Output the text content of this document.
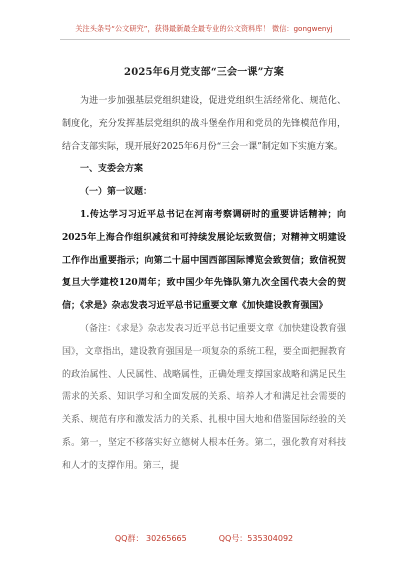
关注头条号“公文研究”，获得最新最全最专业的公文资料库！ 微信：gongwenyj
2025年6月党支部“三会一课”方案

为进一步加强基层党组织建设，促进党组织生活经常化、规范化、制度化，充分发挥基层党组织的战斗堡垒作用和党员的先锋模范作用，结合支部实际，现开展好2025年6月份“三会一课”制定如下实施方案。

一、支委会方案

（一）第一议题：

1.传达学习习近平总书记在河南考察调研时的重要讲话精神；向2025年上海合作组织减贫和可持续发展论坛致贺信；对精神文明建设工作作出重要指示；向第二十届中国西部国际博览会致贺信；致信祝贺复旦大学建校120周年；致中国少年先锋队第九次全国代表大会的贺信；《求是》杂志发表习近平总书记重要文章《加快建设教育强国》

（备注：《求是》杂志发表习近平总书记重要文章《加快建设教育强国》，文章指出，建设教育强国是一项复杂的系统工程，要全面把握教育的政治属性、人民属性、战略属性，正确处理支撑国家战略和满足民生需求的关系、知识学习和全面发展的关系、培养人才和满足社会需要的关系、规范有序和激发活力的关系、扎根中国大地和借鉴国际经验的关系。第一，坚定不移落实好立德树人根本任务。第二，强化教育对科技和人才的支撑作用。第三，提

QQ群： 30265665	QQ号：535304092
